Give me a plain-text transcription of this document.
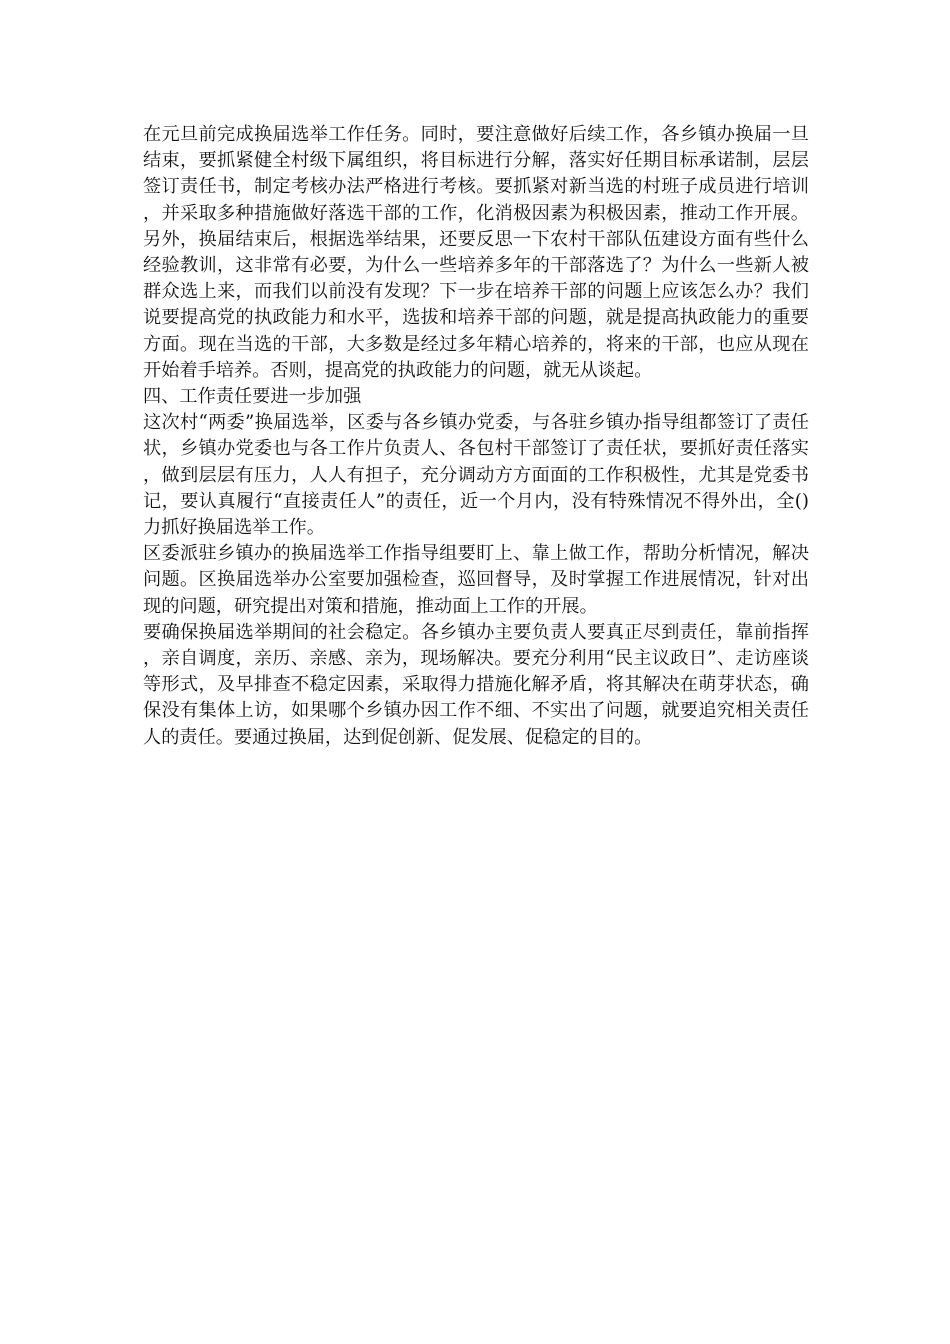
在元旦前完成换届选举工作任务。同时，要注意做好后续工作，各乡镇办换届一旦结束，要抓紧健全村级下属组织，将目标进行分解，落实好任期目标承诺制，层层签订责任书，制定考核办法严格进行考核。要抓紧对新当选的村班子成员进行培训，并采取多种措施做好落选干部的工作，化消极因素为积极因素，推动工作开展。另外，换届结束后，根据选举结果，还要反思一下农村干部队伍建设方面有些什么经验教训，这非常有必要，为什么一些培养多年的干部落选了？为什么一些新人被群众选上来，而我们以前没有发现？下一步在培养干部的问题上应该怎么办？我们说要提高党的执政能力和水平，选拔和培养干部的问题，就是提高执政能力的重要方面。现在当选的干部，大多数是经过多年精心培养的，将来的干部，也应从现在开始着手培养。否则，提高党的执政能力的问题，就无从谈起。

四、工作责任要进一步加强

这次村“两委”换届选举，区委与各乡镇办党委，与各驻乡镇办指导组都签订了责任状，乡镇办党委也与各工作片负责人、各包村干部签订了责任状，要抓好责任落实，做到层层有压力，人人有担子，充分调动方方面面的工作积极性，尤其是党委书记，要认真履行“直接责任人”的责任，近一个月内，没有特殊情况不得外出，全()力抓好换届选举工作。

区委派驻乡镇办的换届选举工作指导组要盯上、靠上做工作，帮助分析情况，解决问题。区换届选举办公室要加强检查，巡回督导，及时掌握工作进展情况，针对出现的问题，研究提出对策和措施，推动面上工作的开展。

要确保换届选举期间的社会稳定。各乡镇办主要负责人要真正尽到责任，靠前指挥，亲自调度，亲历、亲感、亲为，现场解决。要充分利用“民主议政日”、走访座谈等形式，及早排查不稳定因素，采取得力措施化解矛盾，将其解决在萌芽状态，确保没有集体上访，如果哪个乡镇办因工作不细、不实出了问题，就要追究相关责任人的责任。要通过换届，达到促创新、促发展、促稳定的目的。
